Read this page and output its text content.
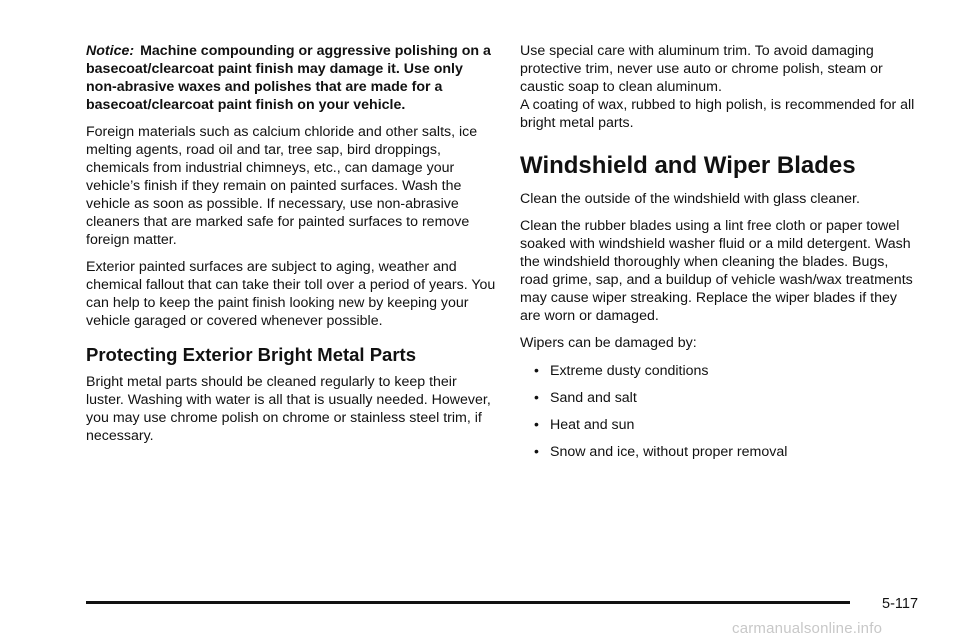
Notice: Machine compounding or aggressive polishing on a basecoat/clearcoat paint finish may damage it. Use only non-abrasive waxes and polishes that are made for a basecoat/clearcoat paint finish on your vehicle.

Foreign materials such as calcium chloride and other salts, ice melting agents, road oil and tar, tree sap, bird droppings, chemicals from industrial chimneys, etc., can damage your vehicle’s finish if they remain on painted surfaces. Wash the vehicle as soon as possible. If necessary, use non-abrasive cleaners that are marked safe for painted surfaces to remove foreign matter.

Exterior painted surfaces are subject to aging, weather and chemical fallout that can take their toll over a period of years. You can help to keep the paint finish looking new by keeping your vehicle garaged or covered whenever possible.

Protecting Exterior Bright Metal Parts

Bright metal parts should be cleaned regularly to keep their luster. Washing with water is all that is usually needed. However, you may use chrome polish on chrome or stainless steel trim, if necessary.

Use special care with aluminum trim. To avoid damaging protective trim, never use auto or chrome polish, steam or caustic soap to clean aluminum.

A coating of wax, rubbed to high polish, is recommended for all bright metal parts.

Windshield and Wiper Blades

Clean the outside of the windshield with glass cleaner.

Clean the rubber blades using a lint free cloth or paper towel soaked with windshield washer fluid or a mild detergent. Wash the windshield thoroughly when cleaning the blades. Bugs, road grime, sap, and a buildup of vehicle wash/wax treatments may cause wiper streaking. Replace the wiper blades if they are worn or damaged.

Wipers can be damaged by:

• Extreme dusty conditions
• Sand and salt
• Heat and sun
• Snow and ice, without proper removal
5-117
carmanualsonline.info
